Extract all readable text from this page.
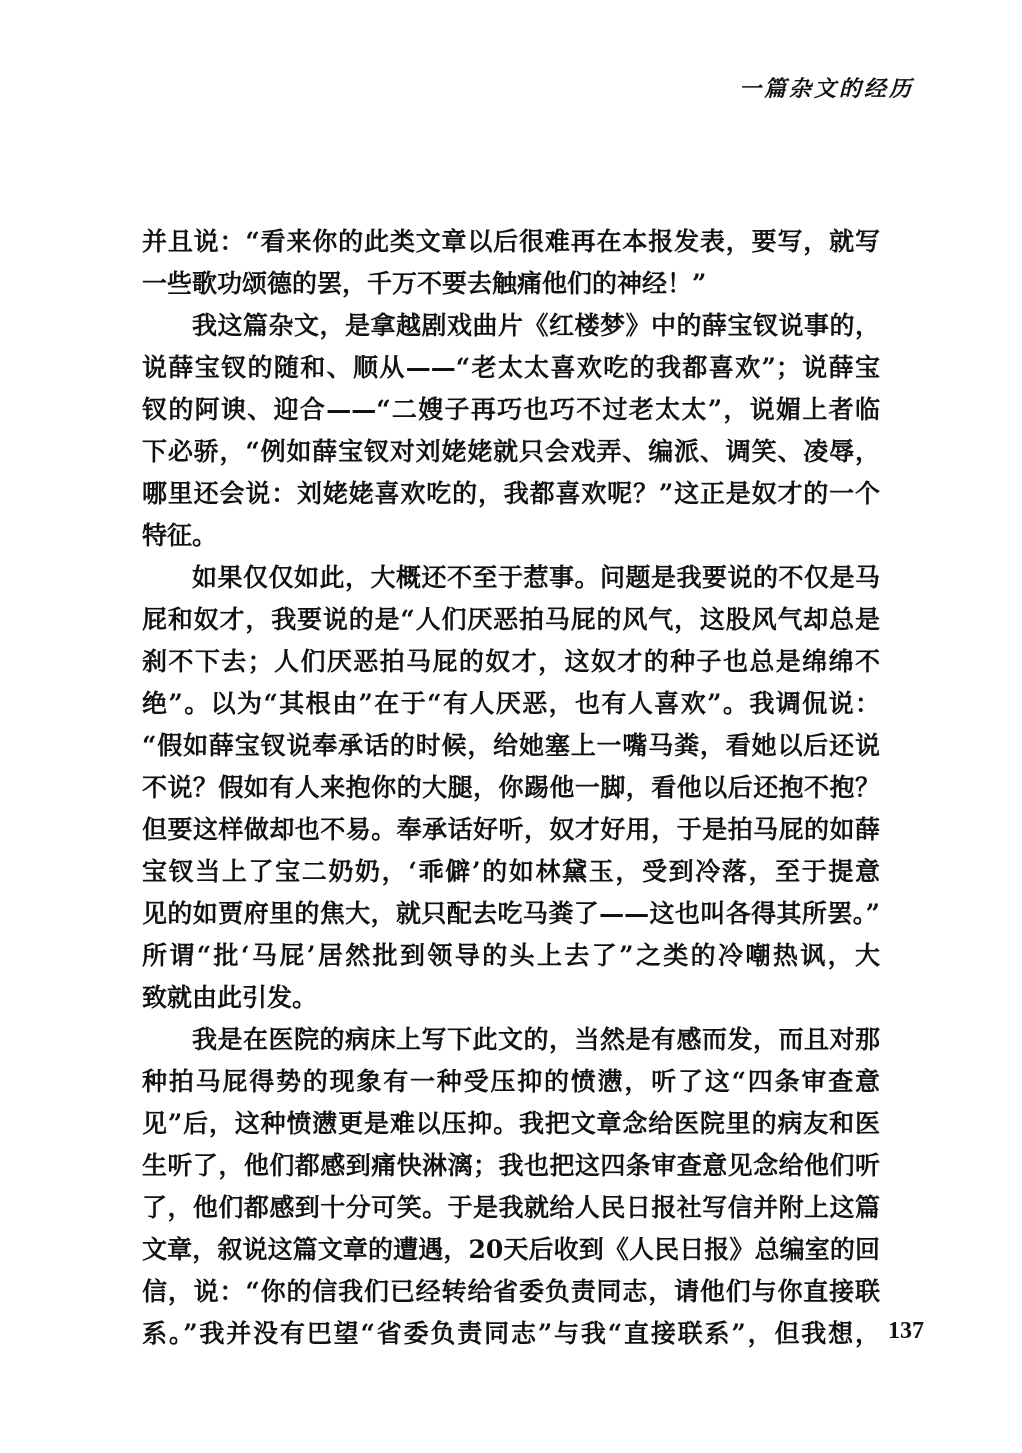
一篇杂文的经历
并且说：“看来你的此类文章以后很难再在本报发表，要写，就写
一些歌功颂德的罢，千万不要去触痛他们的神经！”
我这篇杂文，是拿越剧戏曲片《红楼梦》中的薛宝钗说事的，
说薛宝钗的随和、顺从——“老太太喜欢吃的我都喜欢”；说薛宝
钗的阿谀、迎合——“二嫂子再巧也巧不过老太太”，说媚上者临
下必骄，“例如薛宝钗对刘姥姥就只会戏弄、编派、调笑、凌辱，
哪里还会说：刘姥姥喜欢吃的，我都喜欢呢？”这正是奴才的一个
特征。
如果仅仅如此，大概还不至于惹事。问题是我要说的不仅是马
屁和奴才，我要说的是“人们厌恶拍马屁的风气，这股风气却总是
刹不下去；人们厌恶拍马屁的奴才，这奴才的种子也总是绵绵不
绝”。以为“其根由”在于“有人厌恶，也有人喜欢”。我调侃说：
“假如薛宝钗说奉承话的时候，给她塞上一嘴马粪，看她以后还说
不说？假如有人来抱你的大腿，你踢他一脚，看他以后还抱不抱？
但要这样做却也不易。奉承话好听，奴才好用，于是拍马屁的如薛
宝钗当上了宝二奶奶，‘乖僻’的如林黛玉，受到冷落，至于提意
见的如贾府里的焦大，就只配去吃马粪了——这也叫各得其所罢。”
所谓“批‘马屁’居然批到领导的头上去了”之类的冷嘲热讽，大
致就由此引发。
我是在医院的病床上写下此文的，当然是有感而发，而且对那
种拍马屁得势的现象有一种受压抑的愤懑，听了这“四条审查意
见”后，这种愤懑更是难以压抑。我把文章念给医院里的病友和医
生听了，他们都感到痛快淋漓；我也把这四条审查意见念给他们听
了，他们都感到十分可笑。于是我就给人民日报社写信并附上这篇
文章，叙说这篇文章的遭遇，20天后收到《人民日报》总编室的回
信，说：“你的信我们已经转给省委负责同志，请他们与你直接联
系。”我并没有巴望“省委负责同志”与我“直接联系”，但我想， 137
